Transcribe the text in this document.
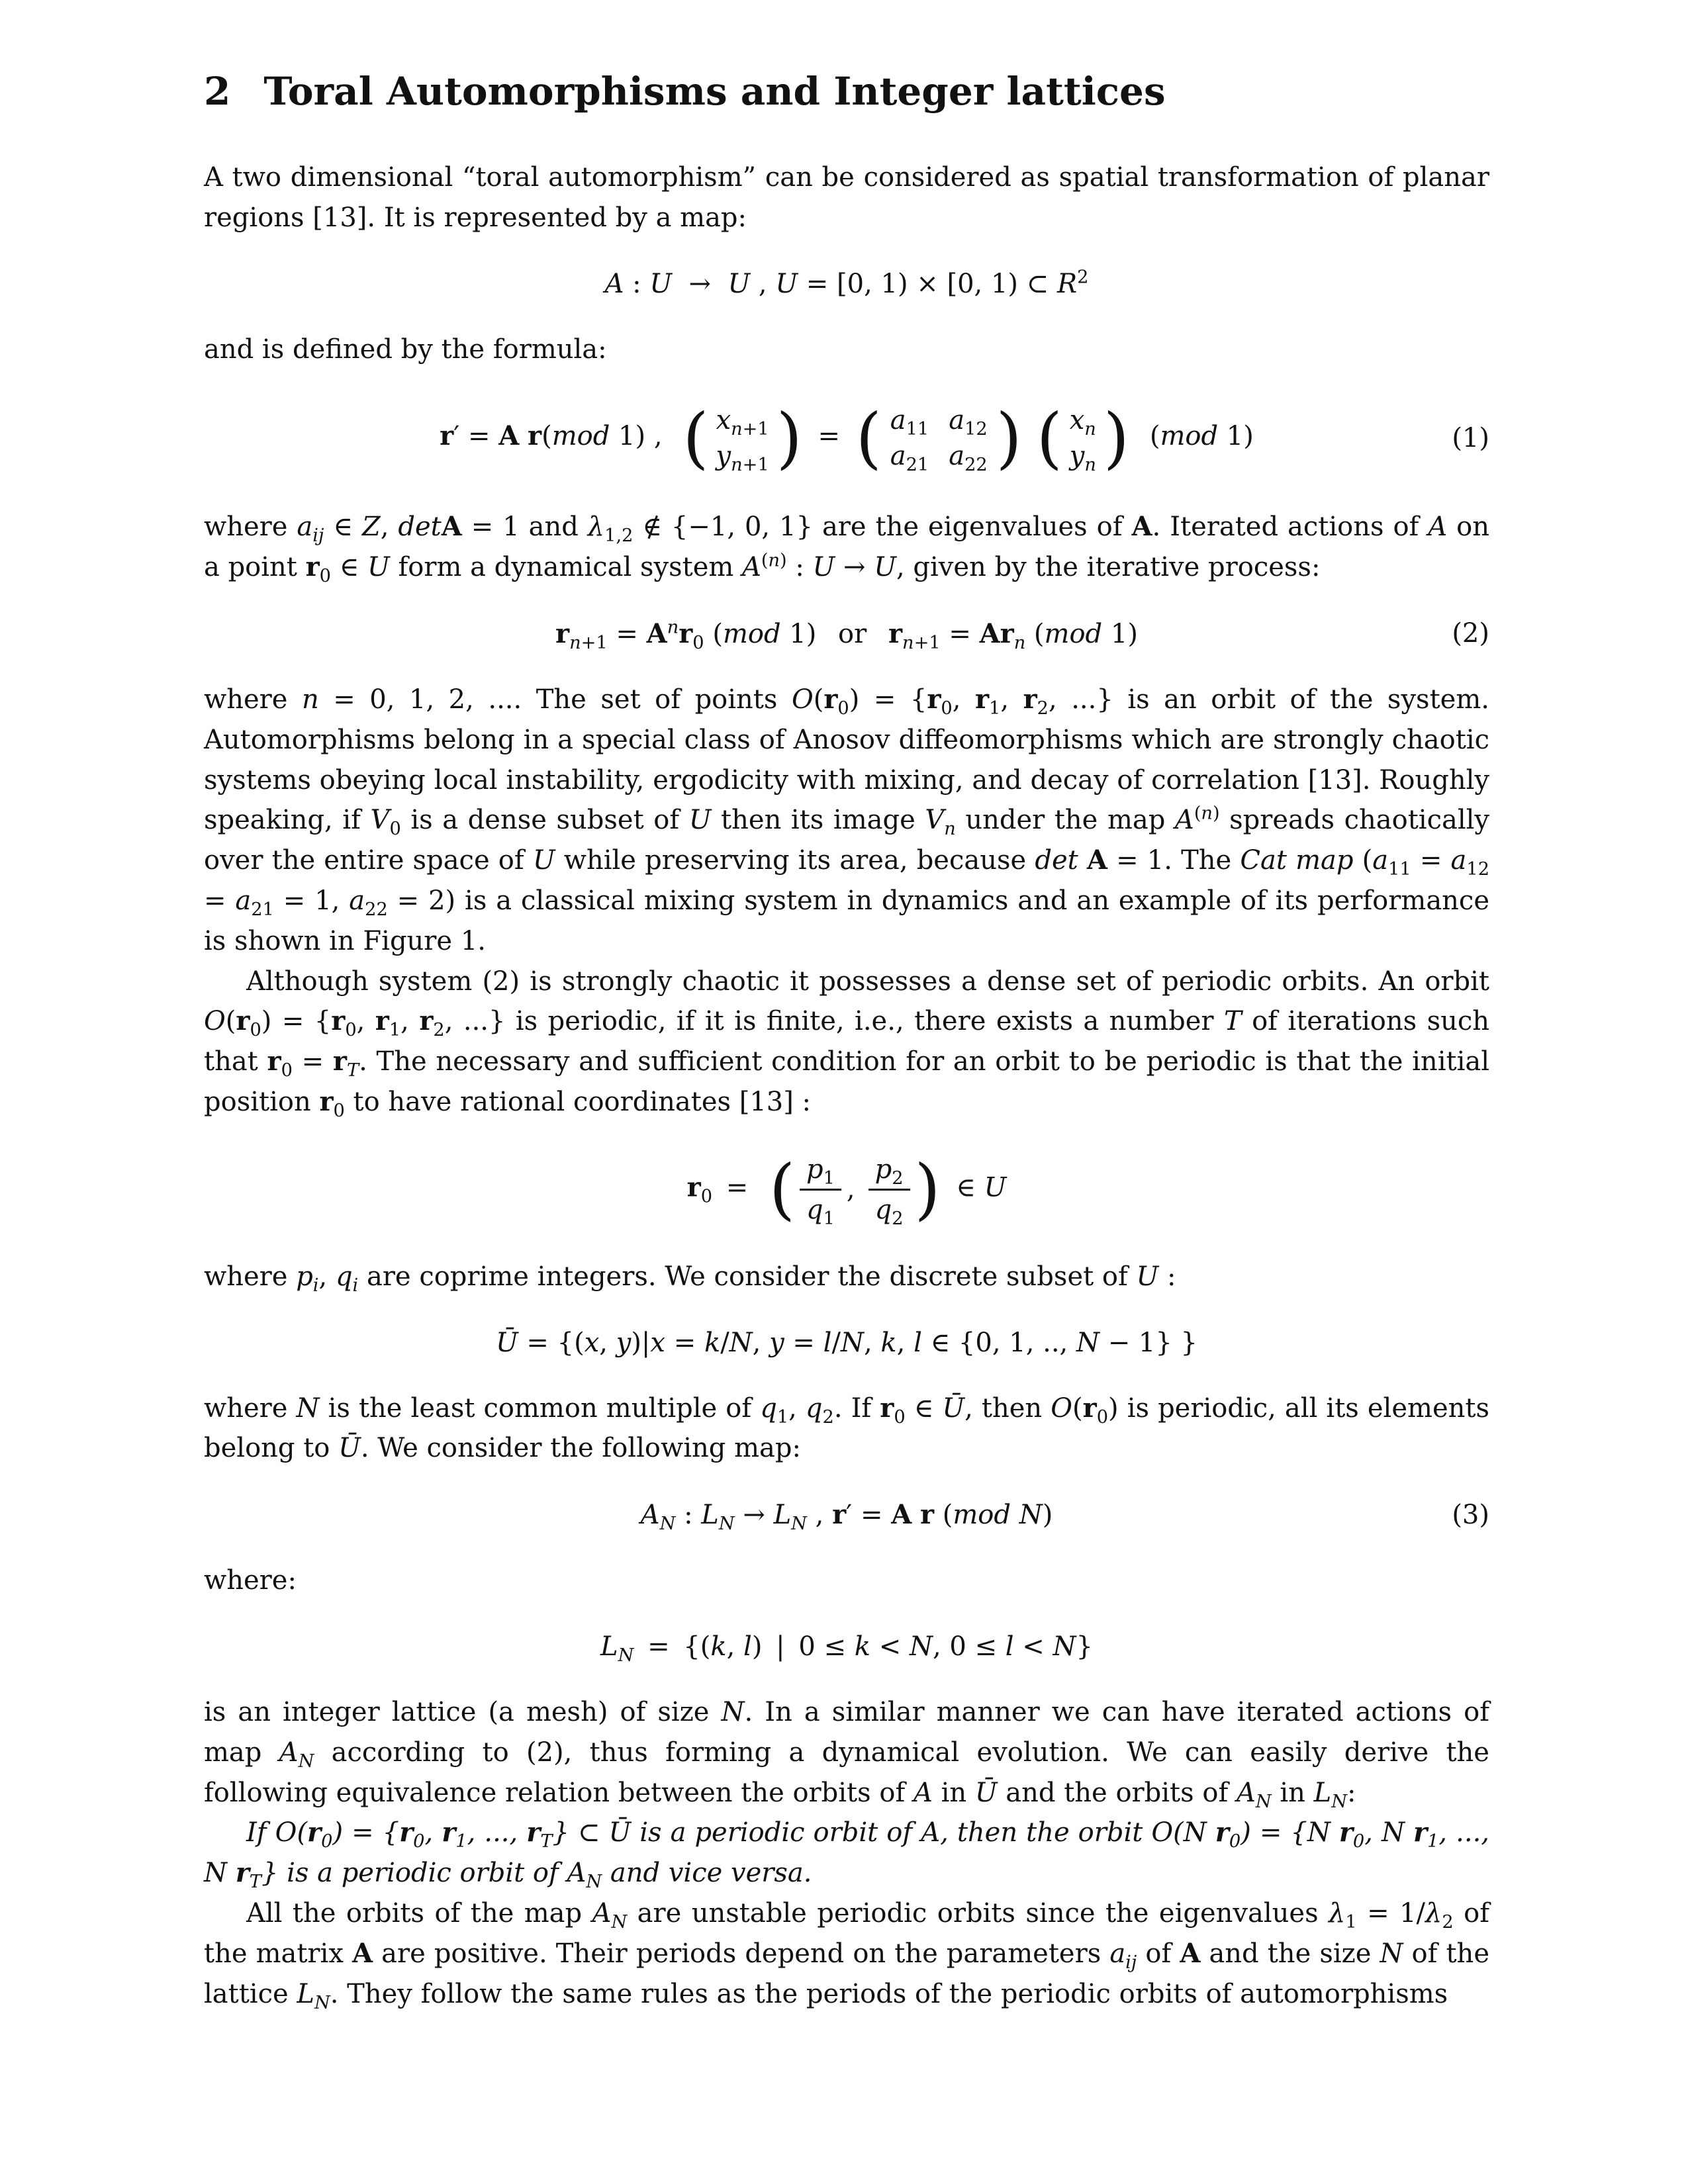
2 Toral Automorphisms and Integer lattices

A two dimensional “toral automorphism” can be considered as spatial transformation of planar regions [13]. It is represented by a map:

A : U  →  U , U = [0, 1) × [0, 1) ⊂ $R^2$

and is defined by the formula:

r′ = A r(mod 1) ,  ( $x_{n+1}$
$y_{n+1}$ ) = ( $a_{11}$ $a_{12}$
$a_{21}$ $a_{22}$ ) ( $x_n$
$y_n$ )  (mod 1)	(1)

where $a_{ij}$ ∈ Z, detA = 1 and $\lambda_{1,2}$ ∉ {−1, 0, 1} are the eigenvalues of A. Iterated actions of A on a point $r_0$ ∈ U form a dynamical system $A^{(n)}$ : U → U, given by the iterative process:

$r_{n+1} = A^nr_0$ (mod 1)  or  $r_{n+1} = Ar_n$ (mod 1)	(2)

where n = 0, 1, 2, .... The set of points $O(r_0) = \{r_0$, $r_1$, $r_2$, ...} is an orbit of the system. Automorphisms belong in a special class of Anosov diffeomorphisms which are strongly chaotic systems obeying local instability, ergodicity with mixing, and decay of correlation [13]. Roughly speaking, if $V_0$ is a dense subset of U then its image $V_n$ under the map $A^{(n)}$ spreads chaotically over the entire space of U while preserving its area, because det A = 1. The Cat map ($a_{11} = a_{12} = a_{21} = 1$, $a_{22} = 2$) is a classical mixing system in dynamics and an example of its performance is shown in Figure 1.

Although system (2) is strongly chaotic it possesses a dense set of periodic orbits. An orbit $O(r_0) = \{r_0$, $r_1$, $r_2$, ...} is periodic, if it is finite, i.e., there exists a number T of iterations such that $r_0 = r_T$. The necessary and sufficient condition for an orbit to be periodic is that the initial position $r_0$ to have rational coordinates [13] :

$r_0$  =  ( $\frac{p_1}{q_1}$ , $\frac{p_2}{q_2}$ ) ∈ U

where $p_i$, $q_i$ are coprime integers. We consider the discrete subset of U :

Ū = {(x, y)|x = k/N, y = l/N, k, l ∈ {0, 1, .., N − 1} }

where N is the least common multiple of $q_1$, $q_2$. If $r_0$ ∈ Ū, then $O(r_0)$ is periodic, all its elements belong to Ū. We consider the following map:

$A_N$ : $L_N \to L_N$ , r′ = A r (mod N)	(3)

where:

$L_N = \{(k$, l)  |  0 ≤ k < N, 0 ≤ l < N}

is an integer lattice (a mesh) of size N. In a similar manner we can have iterated actions of map $A_N$ according to (2), thus forming a dynamical evolution. We can easily derive the following equivalence relation between the orbits of A in Ū and the orbits of $A_N$ in $L_N$:

If $O(r_0) = \{r_0$, $r_1$, ..., $r_T$} ⊂ Ū is a periodic orbit of A, then the orbit O(N $r_0) = \{N$ $r_0$, N $r_1$, ..., N $r_T$} is a periodic orbit of $A_N$ and vice versa.

All the orbits of the map $A_N$ are unstable periodic orbits since the eigenvalues $\lambda_1 = 1/\lambda_2$ of the matrix A are positive. Their periods depend on the parameters $a_{ij}$ of A and the size N of the lattice $L_N$. They follow the same rules as the periods of the periodic orbits of automorphisms
